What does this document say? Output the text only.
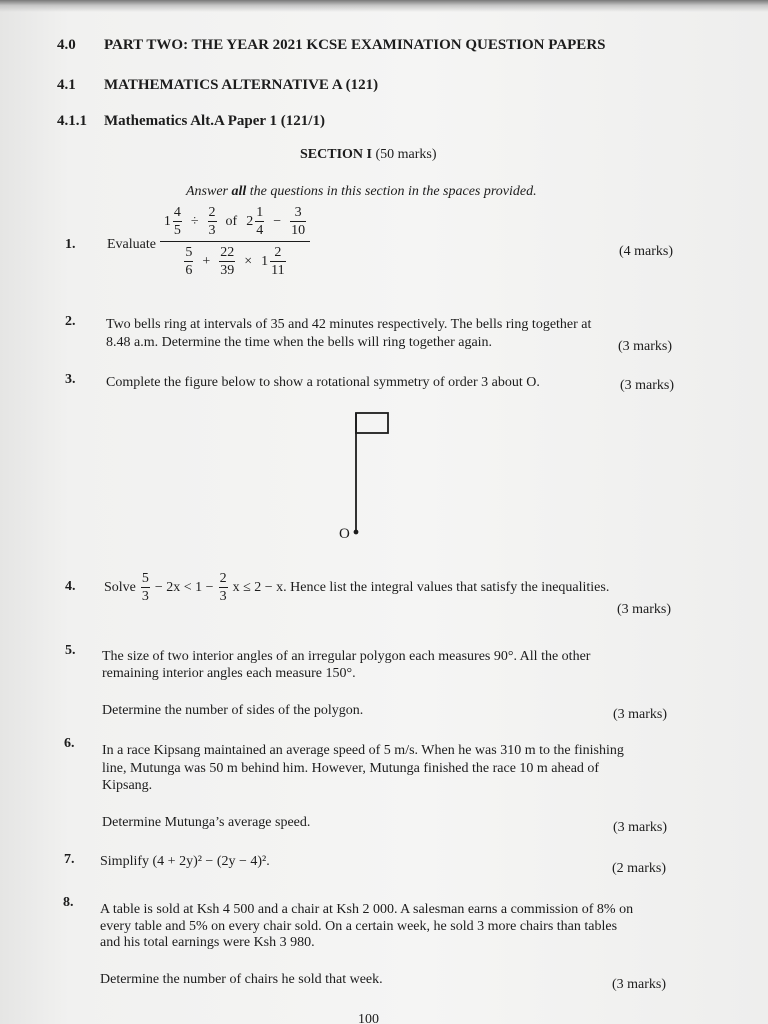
4.0 PART TWO: THE YEAR 2021 KCSE EXAMINATION QUESTION PAPERS
4.1 MATHEMATICS ALTERNATIVE A (121)
4.1.1 Mathematics Alt.A Paper 1 (121/1)
SECTION I (50 marks)
Answer all the questions in this section in the spaces provided.
1. Evaluate
$1 \frac{4}{5} \div \frac{2}{3}$ of $2 \frac{1}{4} - \frac{3}{10}$
$\frac{5}{6} + \frac{22}{39} \times 1 \frac{2}{11}$	(4 marks)
2. Two bells ring at intervals of 35 and 42 minutes respectively. The bells ring together at
8.48 a.m. Determine the time when the bells will ring together again.	(3 marks)
3. Complete the figure below to show a rotational symmetry of order 3 about O.	(3 marks)
O
4. Solve $\frac{5}{3} - 2x < 1 - \frac{2}{3}$ x ≤ 2 − x. Hence list the integral values that satisfy the inequalities.
(3 marks)
5. The size of two interior angles of an irregular polygon each measures 90°. All the other
remaining interior angles each measure 150°.
Determine the number of sides of the polygon.	(3 marks)
6. In a race Kipsang maintained an average speed of 5 m/s. When he was 310 m to the finishing
line, Mutunga was 50 m behind him. However, Mutunga finished the race 10 m ahead of
Kipsang.
Determine Mutunga’s average speed.	(3 marks)
7. Simplify (4 + 2y)² − (2y − 4)².	(2 marks)
8. A table is sold at Ksh 4 500 and a chair at Ksh 2 000. A salesman earns a commission of 8% on
every table and 5% on every chair sold. On a certain week, he sold 3 more chairs than tables
and his total earnings were Ksh 3 980.
Determine the number of chairs he sold that week.	(3 marks)
100
